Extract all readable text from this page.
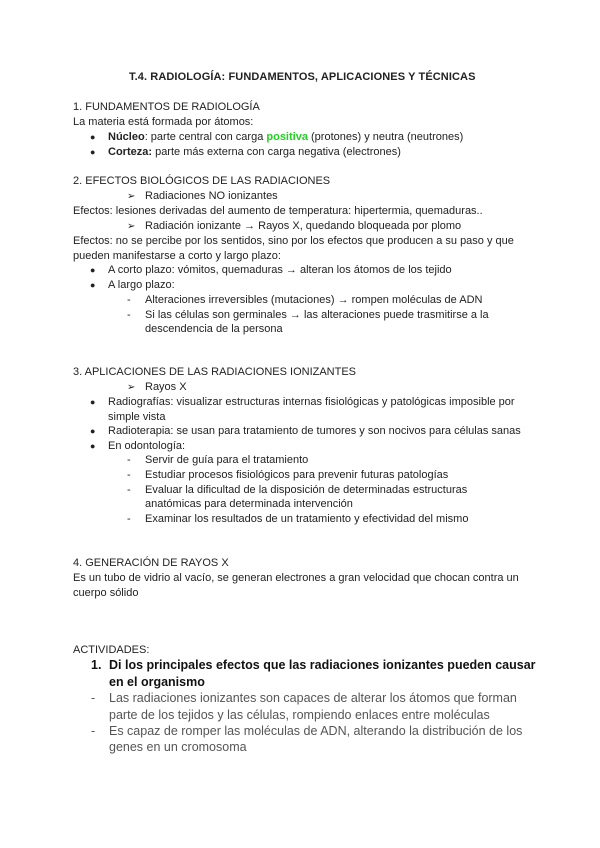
T.4. RADIOLOGÍA: FUNDAMENTOS, APLICACIONES Y TÉCNICAS
1. FUNDAMENTOS DE RADIOLOGÍA
La materia está formada por átomos:
● Núcleo: parte central con carga positiva (protones) y neutra (neutrones)
● Corteza: parte más externa con carga negativa (electrones)
2. EFECTOS BIOLÓGICOS DE LAS RADIACIONES
➢ Radiaciones NO ionizantes
Efectos: lesiones derivadas del aumento de temperatura: hipertermia, quemaduras..
➢ Radiación ionizante → Rayos X, quedando bloqueada por plomo
Efectos: no se percibe por los sentidos, sino por los efectos que producen a su paso y que
pueden manifestarse a corto y largo plazo:
● A corto plazo: vómitos, quemaduras → alteran los átomos de los tejido
● A largo plazo:
- Alteraciones irreversibles (mutaciones) → rompen moléculas de ADN
- Si las células son germinales → las alteraciones puede trasmitirse a la
descendencia de la persona
3. APLICACIONES DE LAS RADIACIONES IONIZANTES
➢ Rayos X
● Radiografías: visualizar estructuras internas fisiológicas y patológicas imposible por
simple vista
● Radioterapia: se usan para tratamiento de tumores y son nocivos para células sanas
● En odontología:
- Servir de guía para el tratamiento
- Estudiar procesos fisiológicos para prevenir futuras patologías
- Evaluar la dificultad de la disposición de determinadas estructuras
anatómicas para determinada intervención
- Examinar los resultados de un tratamiento y efectividad del mismo
4. GENERACIÓN DE RAYOS X
Es un tubo de vidrio al vacío, se generan electrones a gran velocidad que chocan contra un
cuerpo sólido
ACTIVIDADES:
1. Di los principales efectos que las radiaciones ionizantes pueden causar
en el organismo
- Las radiaciones ionizantes son capaces de alterar los átomos que forman
parte de los tejidos y las células, rompiendo enlaces entre moléculas
- Es capaz de romper las moléculas de ADN, alterando la distribución de los
genes en un cromosoma
